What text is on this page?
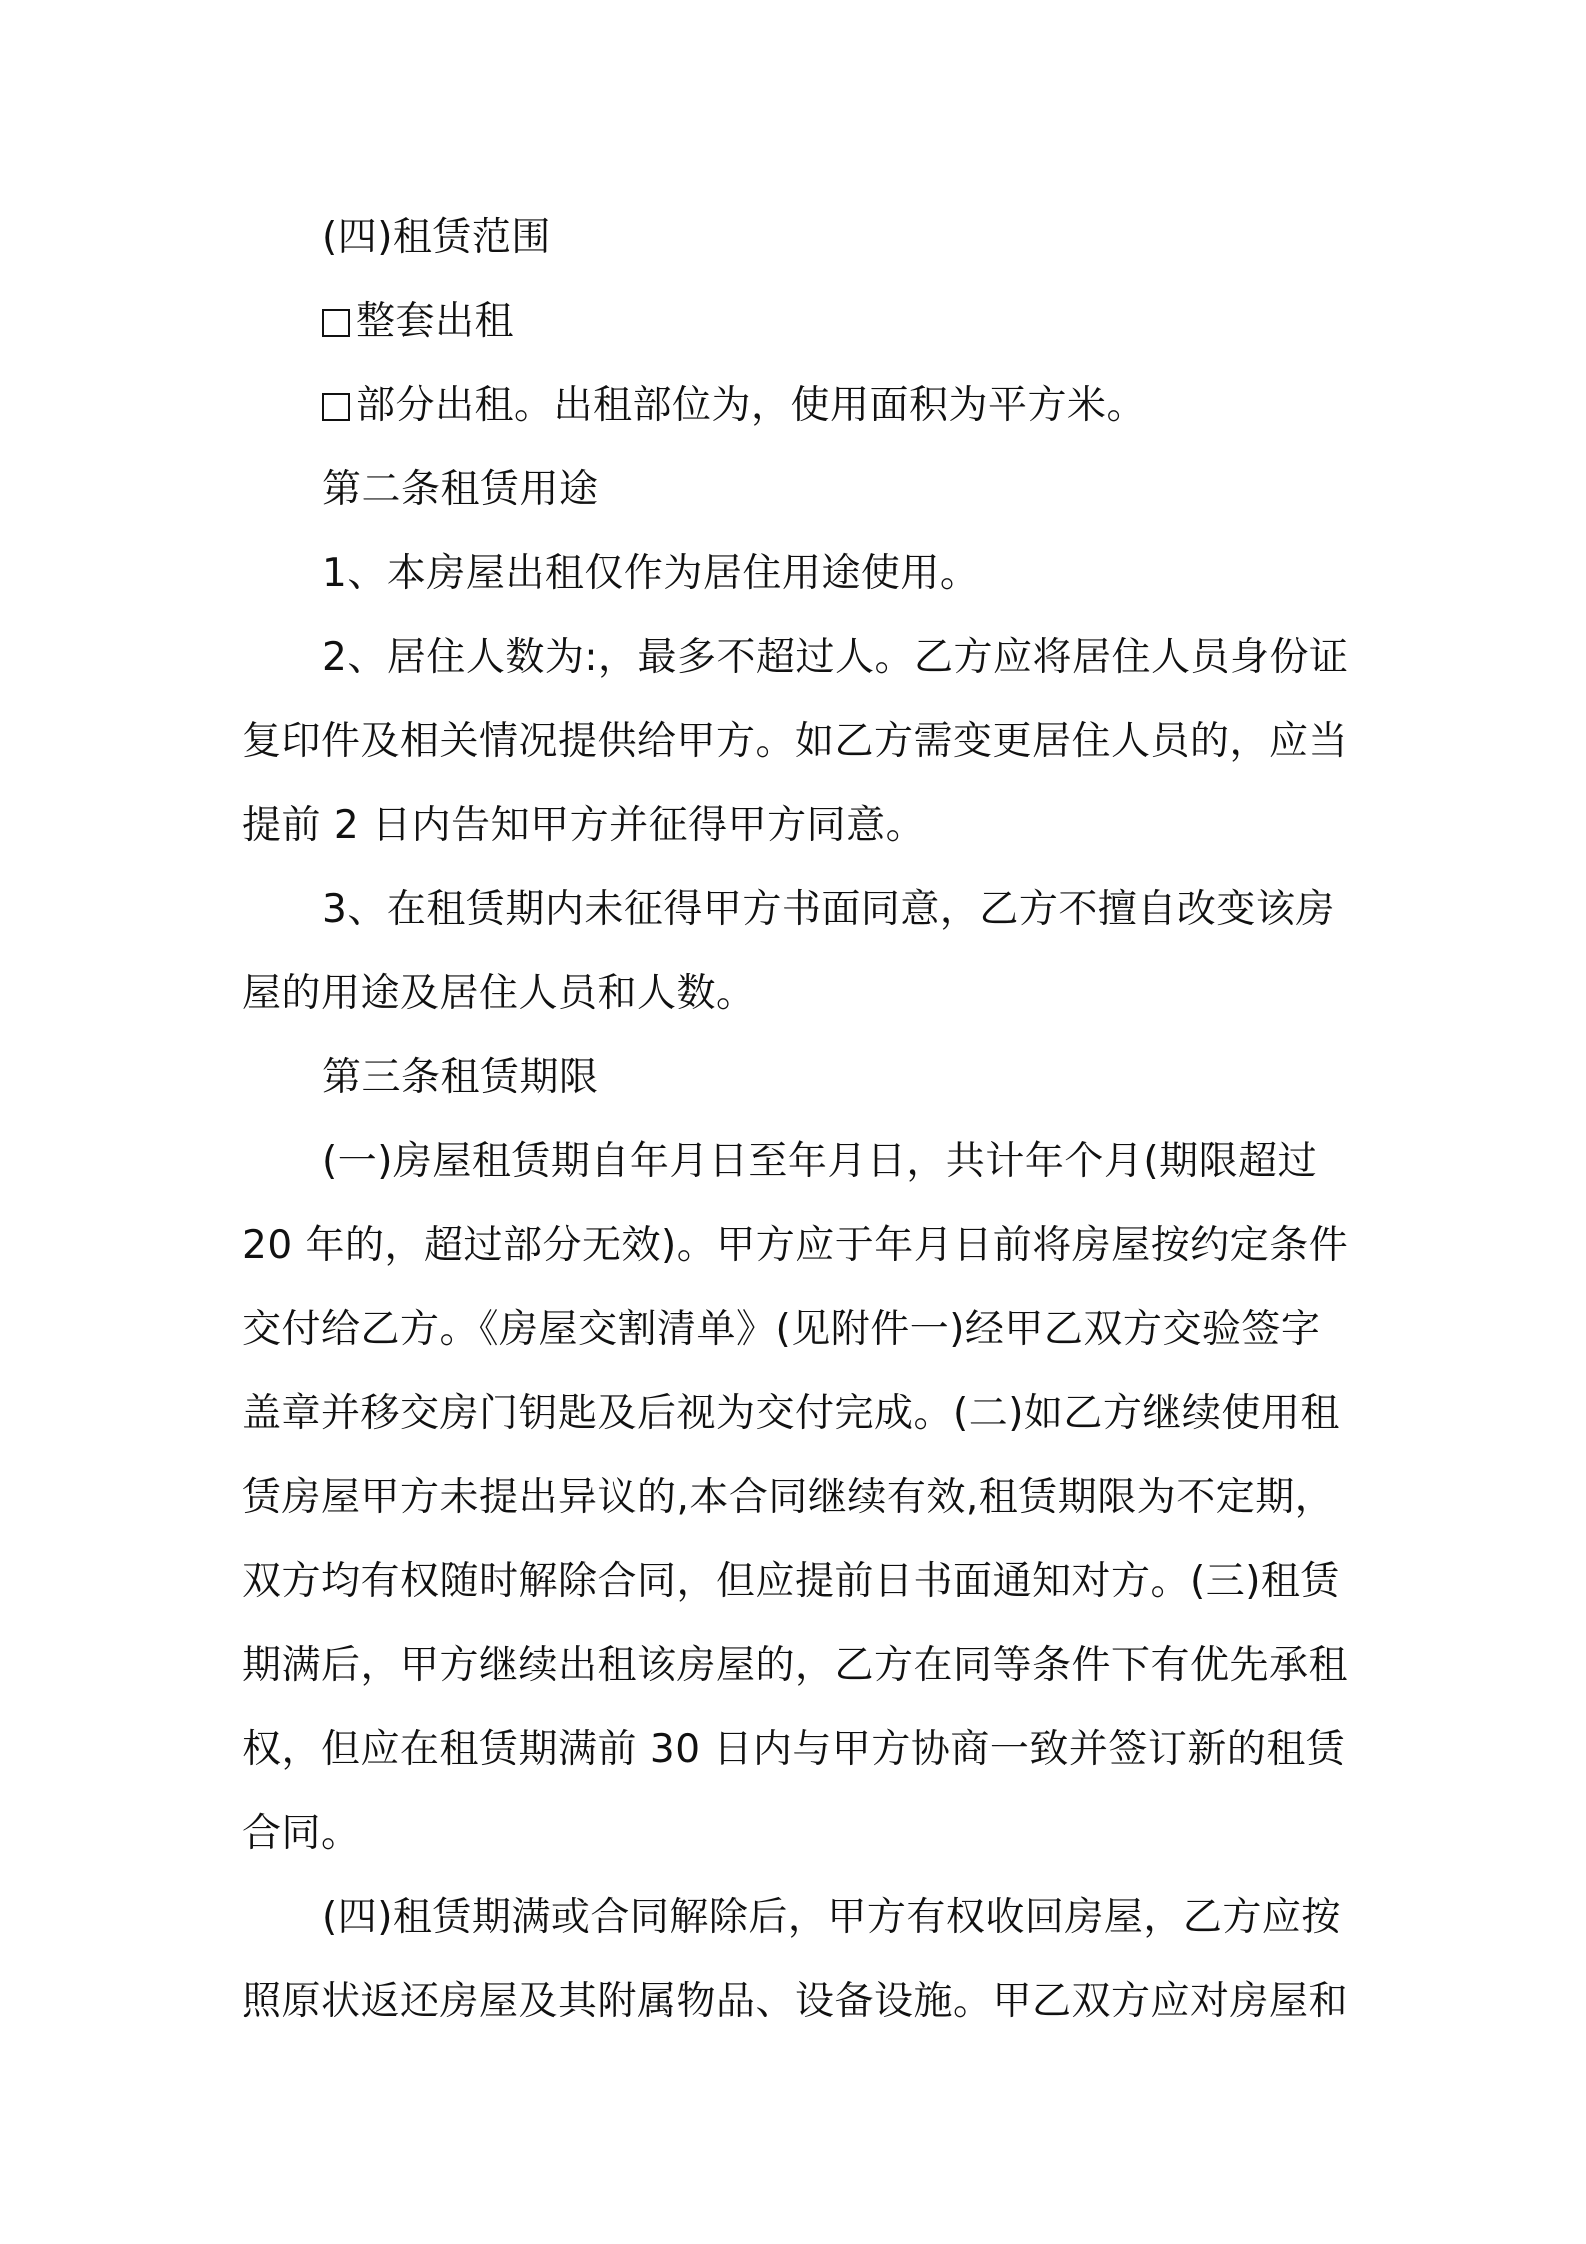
(四)租赁范围

整套出租

部分出租。出租部位为，使用面积为平方米。

第二条租赁用途

1、本房屋出租仅作为居住用途使用。

2、居住人数为:，最多不超过人。乙方应将居住人员身份证复印件及相关情况提供给甲方。如乙方需变更居住人员的，应当提前 2 日内告知甲方并征得甲方同意。

3、在租赁期内未征得甲方书面同意，乙方不擅自改变该房屋的用途及居住人员和人数。

第三条租赁期限

(一)房屋租赁期自年月日至年月日，共计年个月(期限超过 20 年的，超过部分无效)。甲方应于年月日前将房屋按约定条件交付给乙方。《房屋交割清单》(见附件一)经甲乙双方交验签字盖章并移交房门钥匙及后视为交付完成。(二)如乙方继续使用租赁房屋甲方未提出异议的,本合同继续有效,租赁期限为不定期，双方均有权随时解除合同，但应提前日书面通知对方。(三)租赁期满后，甲方继续出租该房屋的，乙方在同等条件下有优先承租权，但应在租赁期满前 30 日内与甲方协商一致并签订新的租赁合同。

(四)租赁期满或合同解除后，甲方有权收回房屋，乙方应按照原状返还房屋及其附属物品、设备设施。甲乙双方应对房屋和
